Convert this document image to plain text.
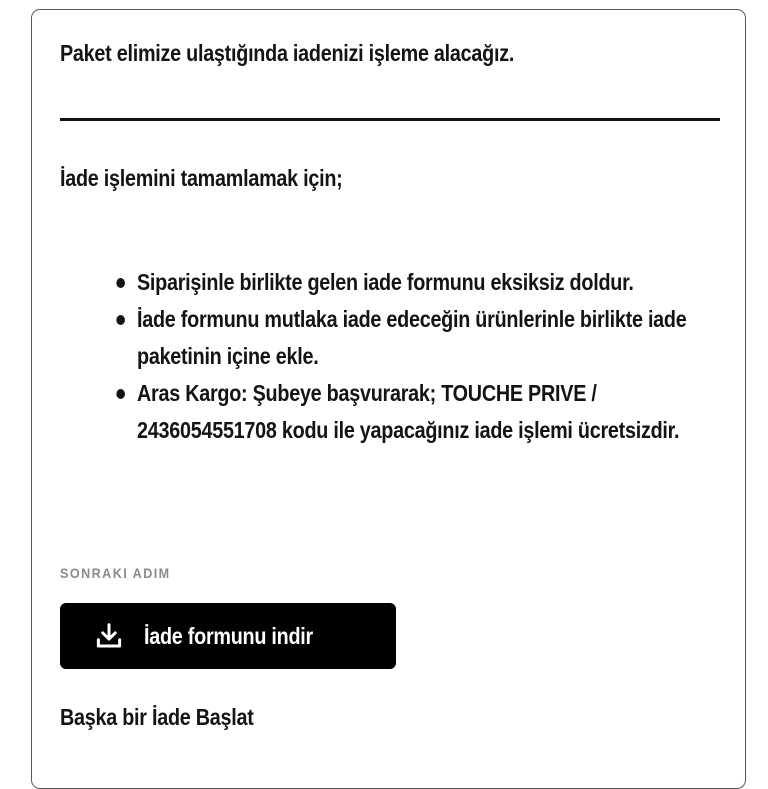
Paket elimize ulaştığında iadenizi işleme alacağız.

İade işlemini tamamlamak için;

Siparişinle birlikte gelen iade formunu eksiksiz doldur.
İade formunu mutlaka iade edeceğin ürünlerinle birlikte iade paketinin içine ekle.
Aras Kargo: Şubeye başvurarak; TOUCHE PRIVE / 2436054551708 kodu ile yapacağınız iade işlemi ücretsizdir.
SONRAKI ADIM
İade formunu indir
Başka bir İade Başlat
